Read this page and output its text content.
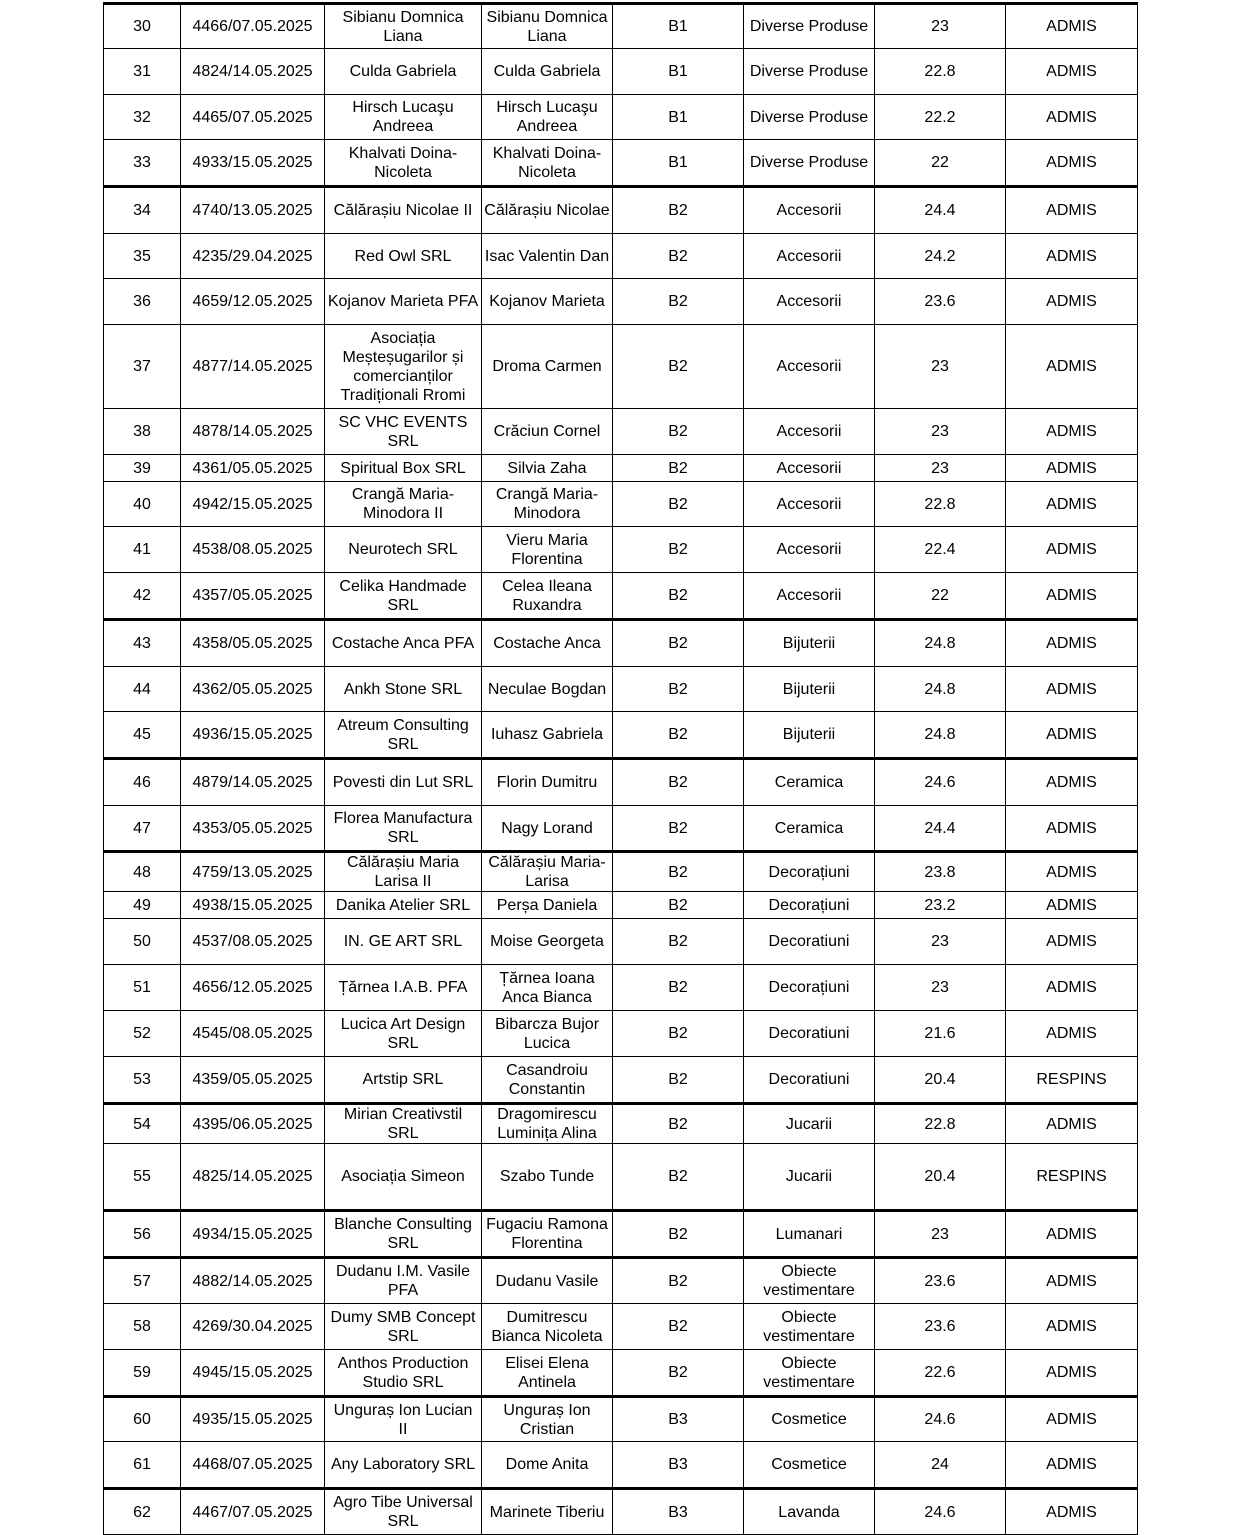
30	4466/07.05.2025	Sibianu Domnica Liana	Sibianu Domnica Liana	B1	Diverse Produse	23	ADMIS
31	4824/14.05.2025	Culda Gabriela	Culda Gabriela	B1	Diverse Produse	22.8	ADMIS
32	4465/07.05.2025	Hirsch Lucaşu Andreea	Hirsch Lucaşu Andreea	B1	Diverse Produse	22.2	ADMIS
33	4933/15.05.2025	Khalvati Doina-Nicoleta	Khalvati Doina-Nicoleta	B1	Diverse Produse	22	ADMIS
34	4740/13.05.2025	Călărașiu Nicolae II	Călărașiu Nicolae	B2	Accesorii	24.4	ADMIS
35	4235/29.04.2025	Red Owl SRL	Isac Valentin Dan	B2	Accesorii	24.2	ADMIS
36	4659/12.05.2025	Kojanov Marieta PFA	Kojanov Marieta	B2	Accesorii	23.6	ADMIS
37	4877/14.05.2025	Asociația Meșteșugarilor și comercianților Tradiționali Rromi	Droma Carmen	B2	Accesorii	23	ADMIS
38	4878/14.05.2025	SC VHC EVENTS SRL	Crăciun Cornel	B2	Accesorii	23	ADMIS
39	4361/05.05.2025	Spiritual Box SRL	Silvia Zaha	B2	Accesorii	23	ADMIS
40	4942/15.05.2025	Crangă Maria-Minodora II	Crangă Maria-Minodora	B2	Accesorii	22.8	ADMIS
41	4538/08.05.2025	Neurotech SRL	Vieru Maria Florentina	B2	Accesorii	22.4	ADMIS
42	4357/05.05.2025	Celika Handmade SRL	Celea Ileana Ruxandra	B2	Accesorii	22	ADMIS
43	4358/05.05.2025	Costache Anca PFA	Costache Anca	B2	Bijuterii	24.8	ADMIS
44	4362/05.05.2025	Ankh Stone SRL	Neculae Bogdan	B2	Bijuterii	24.8	ADMIS
45	4936/15.05.2025	Atreum Consulting SRL	Iuhasz Gabriela	B2	Bijuterii	24.8	ADMIS
46	4879/14.05.2025	Povesti din Lut SRL	Florin Dumitru	B2	Ceramica	24.6	ADMIS
47	4353/05.05.2025	Florea Manufactura SRL	Nagy Lorand	B2	Ceramica	24.4	ADMIS
48	4759/13.05.2025	Călărașiu Maria Larisa II	Călărașiu Maria-Larisa	B2	Decorațiuni	23.8	ADMIS
49	4938/15.05.2025	Danika Atelier SRL	Perșa Daniela	B2	Decorațiuni	23.2	ADMIS
50	4537/08.05.2025	IN. GE ART SRL	Moise Georgeta	B2	Decoratiuni	23	ADMIS
51	4656/12.05.2025	Țărnea I.A.B. PFA	Țărnea Ioana Anca Bianca	B2	Decorațiuni	23	ADMIS
52	4545/08.05.2025	Lucica Art Design SRL	Bibarcza Bujor Lucica	B2	Decoratiuni	21.6	ADMIS
53	4359/05.05.2025	Artstip SRL	Casandroiu Constantin	B2	Decoratiuni	20.4	RESPINS
54	4395/06.05.2025	Mirian Creativstil SRL	Dragomirescu Luminița Alina	B2	Jucarii	22.8	ADMIS
55	4825/14.05.2025	Asociația Simeon	Szabo Tunde	B2	Jucarii	20.4	RESPINS
56	4934/15.05.2025	Blanche Consulting SRL	Fugaciu Ramona Florentina	B2	Lumanari	23	ADMIS
57	4882/14.05.2025	Dudanu I.M. Vasile PFA	Dudanu Vasile	B2	Obiecte vestimentare	23.6	ADMIS
58	4269/30.04.2025	Dumy SMB Concept SRL	Dumitrescu Bianca Nicoleta	B2	Obiecte vestimentare	23.6	ADMIS
59	4945/15.05.2025	Anthos Production Studio SRL	Elisei Elena Antinela	B2	Obiecte vestimentare	22.6	ADMIS
60	4935/15.05.2025	Unguraș Ion Lucian II	Unguraș Ion Cristian	B3	Cosmetice	24.6	ADMIS
61	4468/07.05.2025	Any Laboratory SRL	Dome Anita	B3	Cosmetice	24	ADMIS
62	4467/07.05.2025	Agro Tibe Universal SRL	Marinete Tiberiu	B3	Lavanda	24.6	ADMIS
